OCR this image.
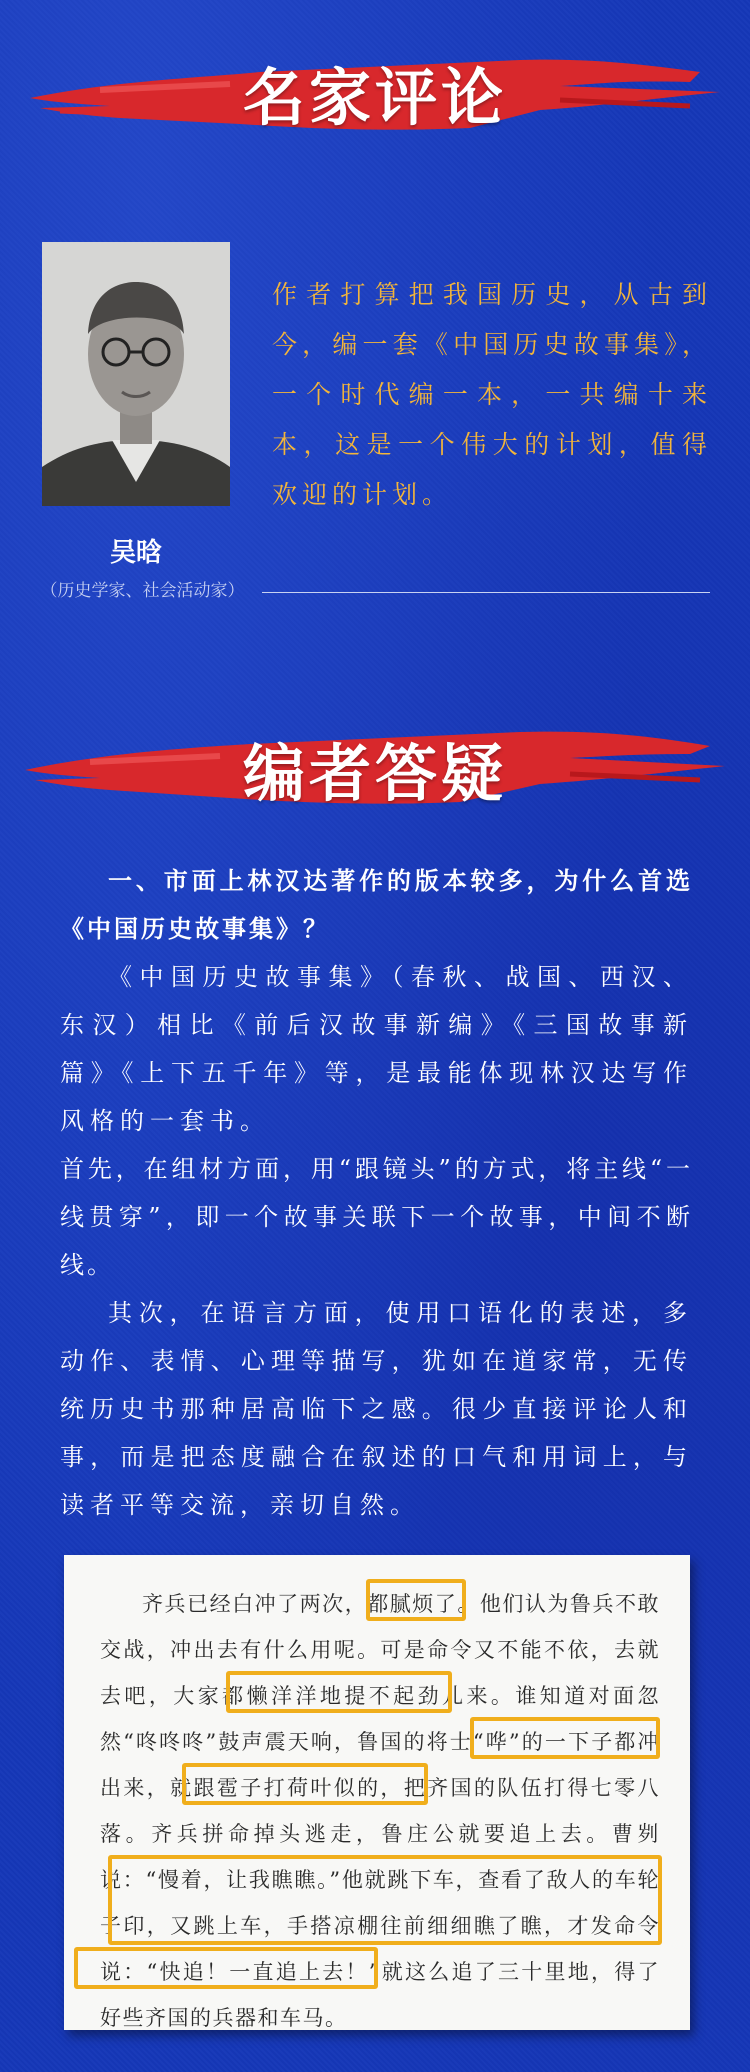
名家评论
吴晗
（历史学家、社会活动家）
作者打算把我国历史，从古到今，编一套《中国历史故事集》，一个时代编一本，一共编十来本，这是一个伟大的计划，值得欢迎的计划。
编者答疑

一、市面上林汉达著作的版本较多，为什么首选《中国历史故事集》？

《中国历史故事集》（春秋、战国、西汉、东汉）相比《前后汉故事新编》《三国故事新篇》《上下五千年》等，是最能体现林汉达写作风格的一套书。

首先，在组材方面，用“跟镜头”的方式，将主线“一线贯穿”，即一个故事关联下一个故事，中间不断线。

其次，在语言方面，使用口语化的表述，多动作、表情、心理等描写，犹如在道家常，无传统历史书那种居高临下之感。很少直接评论人和事，而是把态度融合在叙述的口气和用词上，与读者平等交流，亲切自然。

齐兵已经白冲了两次，都腻烦了。他们认为鲁兵不敢交战，冲出去有什么用呢。可是命令又不能不依，去就去吧，大家都懒洋洋地提不起劲儿来。谁知道对面忽然“咚咚咚”鼓声震天响，鲁国的将士“哗”的一下子都冲出来，就跟雹子打荷叶似的，把齐国的队伍打得七零八落。齐兵拼命掉头逃走，鲁庄公就要追上去。曹刿说：“慢着，让我瞧瞧。”他就跳下车，查看了敌人的车轮子印，又跳上车，手搭凉棚往前细细瞧了瞧，才发命令说：“快追！一直追上去！”就这么追了三十里地，得了好些齐国的兵器和车马。
